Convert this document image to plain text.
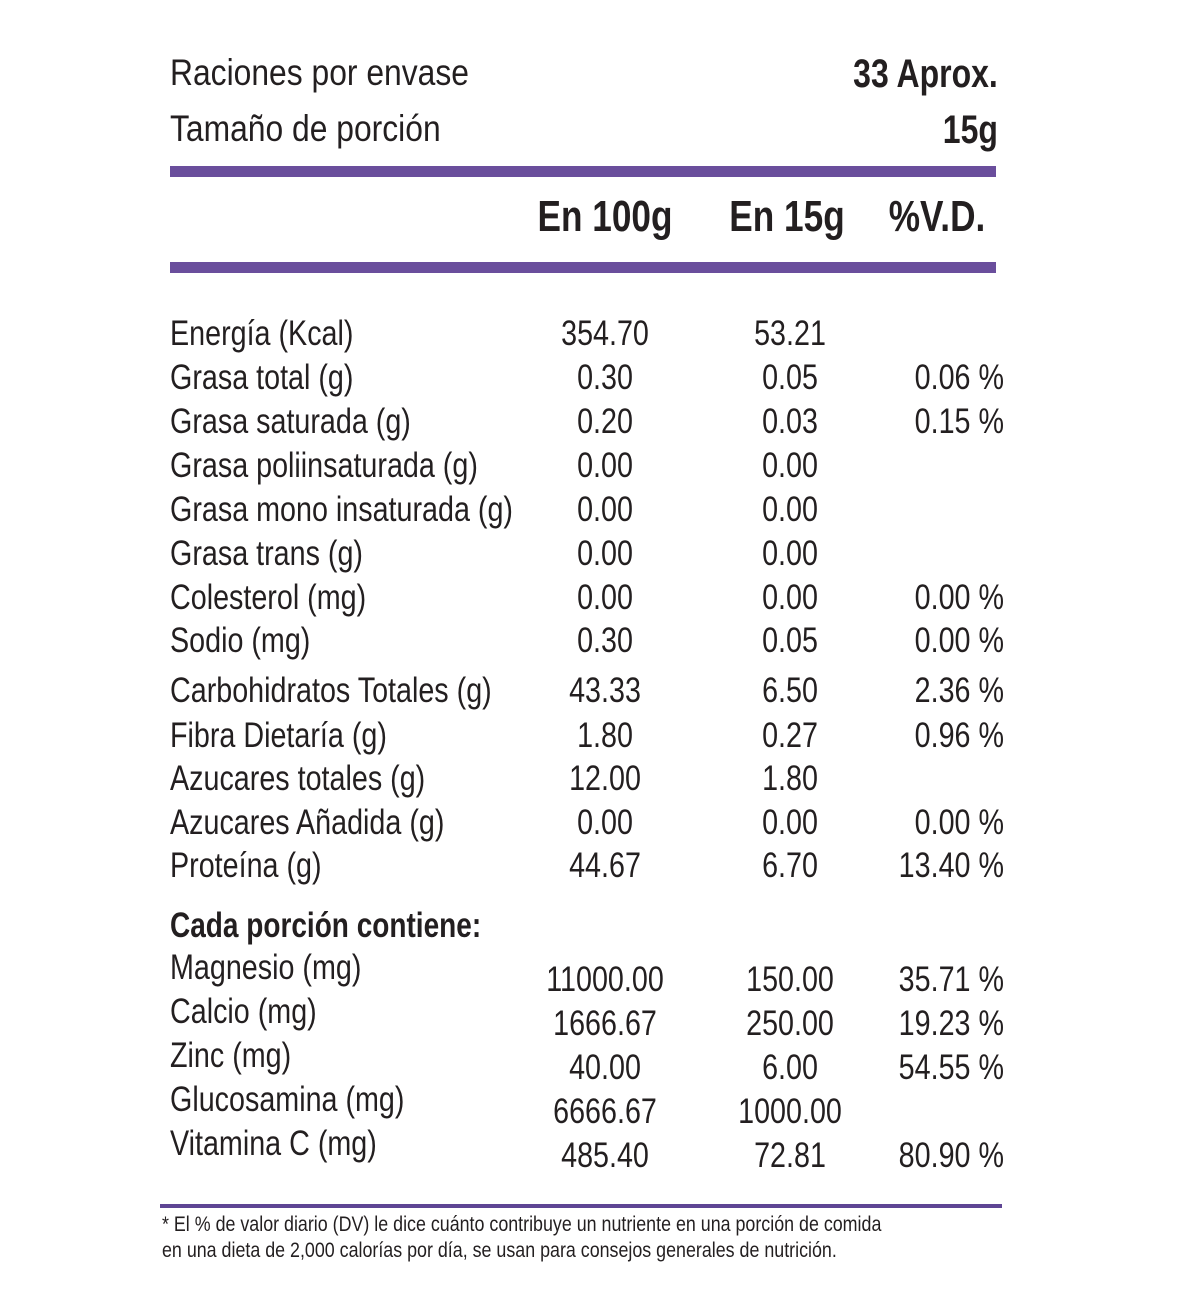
Raciones por envase	33 Aprox.
Tamaño de porción	15g
En 100g En 15g %V.D.
Energía (Kcal)	354.70	53.21
Grasa total (g)	0.30	0.05	0.06 %
Grasa saturada (g)	0.20	0.03	0.15 %
Grasa poliinsaturada (g)	0.00	0.00
Grasa mono insaturada (g)	0.00	0.00
Grasa trans (g)	0.00	0.00
Colesterol (mg)	0.00	0.00	0.00 %
Sodio (mg)	0.30	0.05	0.00 %
Carbohidratos Totales (g)	43.33	6.50	2.36 %
Fibra Dietaría (g)	1.80	0.27	0.96 %
Azucares totales (g)	12.00	1.80
Azucares Añadida (g)	0.00	0.00	0.00 %
Proteína (g)	44.67	6.70	13.40 %
Cada porción contiene:
Magnesio (mg)	11000.00	150.00	35.71 %
Calcio (mg)	1666.67	250.00	19.23 %
Zinc (mg)	40.00	6.00	54.55 %
Glucosamina (mg)	6666.67	1000.00
Vitamina C (mg)	485.40	72.81	80.90 %
* El % de valor diario (DV) le dice cuánto contribuye un nutriente en una porción de comida
en una dieta de 2,000 calorías por día, se usan para consejos generales de nutrición.
